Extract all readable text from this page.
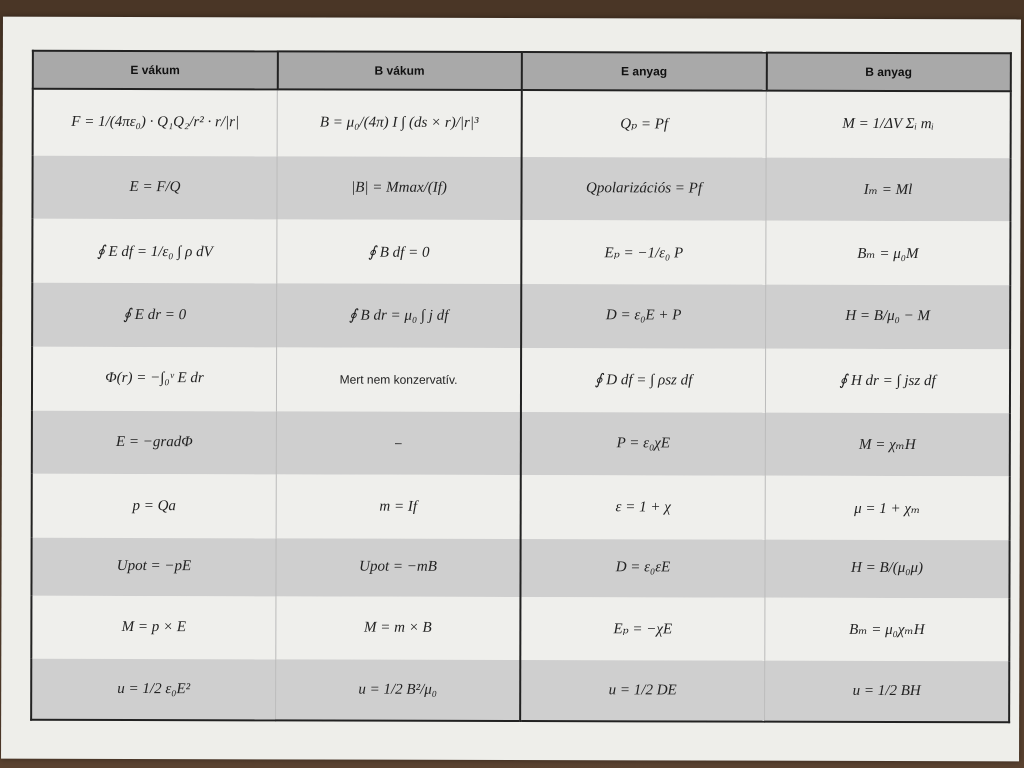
E vákum	B vákum	E anyag	B anyag
F = 1/(4πε₀) · Q₁Q₂/r² · r/|r|	B = μ₀/(4π) I ∫ (ds × r)/|r|³	Qₚ = Pf	M = 1/ΔV Σᵢ mᵢ
E = F/Q	|B| = Mmax/(If)	Qpolarizációs = Pf	Iₘ = Ml
∮ E df = 1/ε₀ ∫ ρ dV	∮ B df = 0	Eₚ = −1/ε₀ P	Bₘ = μ₀M
∮ E dr = 0	∮ B dr = μ₀ ∫ j df	D = ε₀E + P	H = B/μ₀ − M
Φ(r) = −∫₀ᵛ E dr	Mert nem konzervatív.	∮ D df = ∫ ρsz df	∮ H dr = ∫ jsz df
E = −gradΦ	–	P = ε₀χE	M = χₘH
p = Qa	m = If	ε = 1 + χ	μ = 1 + χₘ
Upot = −pE	Upot = −mB	D = ε₀εE	H = B/(μ₀μ)
M = p × E	M = m × B	Eₚ = −χE	Bₘ = μ₀χₘH
u = 1/2 ε₀E²	u = 1/2 B²/μ₀	u = 1/2 DE	u = 1/2 BH
